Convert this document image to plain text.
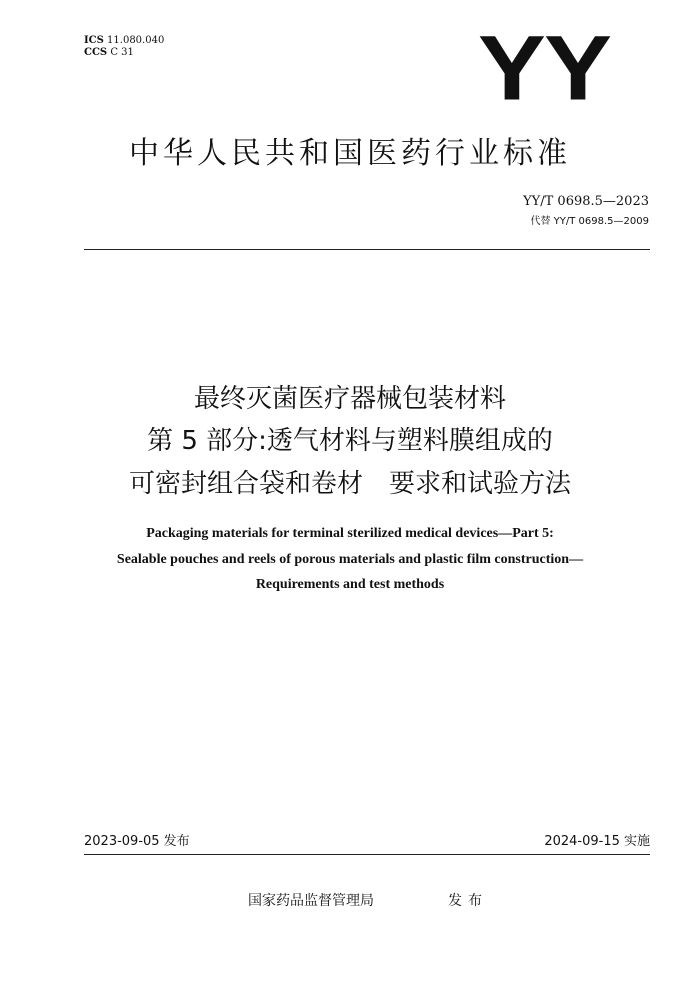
ICS 11.080.040
CCS C 31	YY
中华人民共和国医药行业标准
YY/T 0698.5—2023
代替 YY/T 0698.5—2009
最终灭菌医疗器械包装材料
第 5 部分:透气材料与塑料膜组成的
可密封组合袋和卷材　要求和试验方法
Packaging materials for terminal sterilized medical devices—Part 5:
Sealable pouches and reels of porous materials and plastic film construction—
Requirements and test methods
2023-09-05 发布	2024-09-15 实施
国家药品监督管理局	发布
